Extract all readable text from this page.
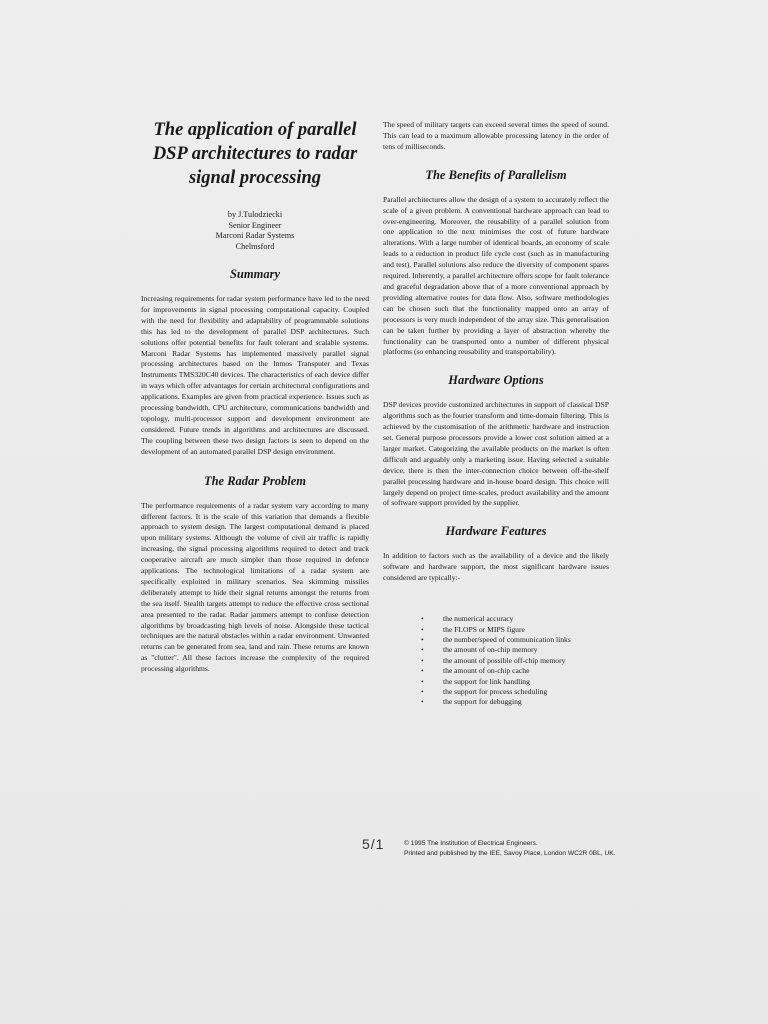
The application of parallel DSP architectures to radar signal processing
by J.Tulodziecki
Senior Engineer
Marconi Radar Systems
Chelmsford
Summary

Increasing requirements for radar system performance have led to the need for improvements in signal processing computational capacity. Coupled with the need for flexibility and adaptability of programmable solutions this has led to the development of parallel DSP architectures. Such solutions offer potential benefits for fault tolerant and scalable systems. Marconi Radar Systems has implemented massively parallel signal processing architectures based on the Inmos Transputer and Texas Instruments TMS320C40 devices. The characteristics of each device differ in ways which offer advantages for certain architectural configurations and applications. Examples are given from practical experience. Issues such as processing bandwidth, CPU architecture, communications bandwidth and topology, multi-processor support and development environment are considered. Future trends in algorithms and architectures are discussed. The coupling between these two design factors is seen to depend on the development of an automated parallel DSP design environment.

The Radar Problem

The performance requirements of a radar system vary according to many different factors. It is the scale of this variation that demands a flexible approach to system design. The largest computational demand is placed upon military systems. Although the volume of civil air traffic is rapidly increasing, the signal processing algorithms required to detect and track cooperative aircraft are much simpler than those required in defence applications. The technological limitations of a radar system are specifically exploited in military scenarios. Sea skimming missiles deliberately attempt to hide their signal returns amongst the returns from the sea itself. Stealth targets attempt to reduce the effective cross sectional area presented to the radar. Radar jammers attempt to confuse detection algorithms by broadcasting high levels of noise. Alongside these tactical techniques are the natural obstacles within a radar environment. Unwanted returns can be generated from sea, land and rain. These returns are known as "clutter". All these factors increase the complexity of the required processing algorithms.

The speed of military targets can exceed several times the speed of sound. This can lead to a maximum allowable processing latency in the order of tens of milliseconds.

The Benefits of Parallelism

Parallel architectures allow the design of a system to accurately reflect the scale of a given problem. A conventional hardware approach can lead to over-engineering. Moreover, the reusability of a parallel solution from one application to the next minimises the cost of future hardware alterations. With a large number of identical boards, an economy of scale leads to a reduction in product life cycle cost (such as in manufacturing and test). Parallel solutions also reduce the diversity of component spares required. Inherently, a parallel architecture offers scope for fault tolerance and graceful degradation above that of a more conventional approach by providing alternative routes for data flow. Also, software methodologies can be chosen such that the functionality mapped onto an array of processors is very much independent of the array size. This generalisation can be taken further by providing a layer of abstraction whereby the functionality can be transported onto a number of different physical platforms (so enhancing reusability and transportability).

Hardware Options

DSP devices provide customized architectures in support of classical DSP algorithms such as the fourier transform and time-domain filtering. This is achieved by the customisation of the arithmetic hardware and instruction set. General purpose processors provide a lower cost solution aimed at a larger market. Categorizing the available products on the market is often difficult and arguably only a marketing issue. Having selected a suitable device, there is then the inter-connection choice between off-the-shelf parallel processing hardware and in-house board design. This choice will largely depend on project time-scales, product availability and the amount of software support provided by the supplier.

Hardware Features

In addition to factors such as the availability of a device and the likely software and hardware support, the most significant hardware issues considered are typically:-

•	the numerical accuracy
•	the FLOPS or MIPS figure
•	the number/speed of communication links
•	the amount of on-chip memory
•	the amount of possible off-chip memory
•	the amount of on-chip cache
•	the support for link handling
•	the support for process scheduling
•	the support for debugging
5/1	© 1995 The Institution of Electrical Engineers.
Printed and published by the IEE, Savoy Place, London WC2R 0BL, UK.
